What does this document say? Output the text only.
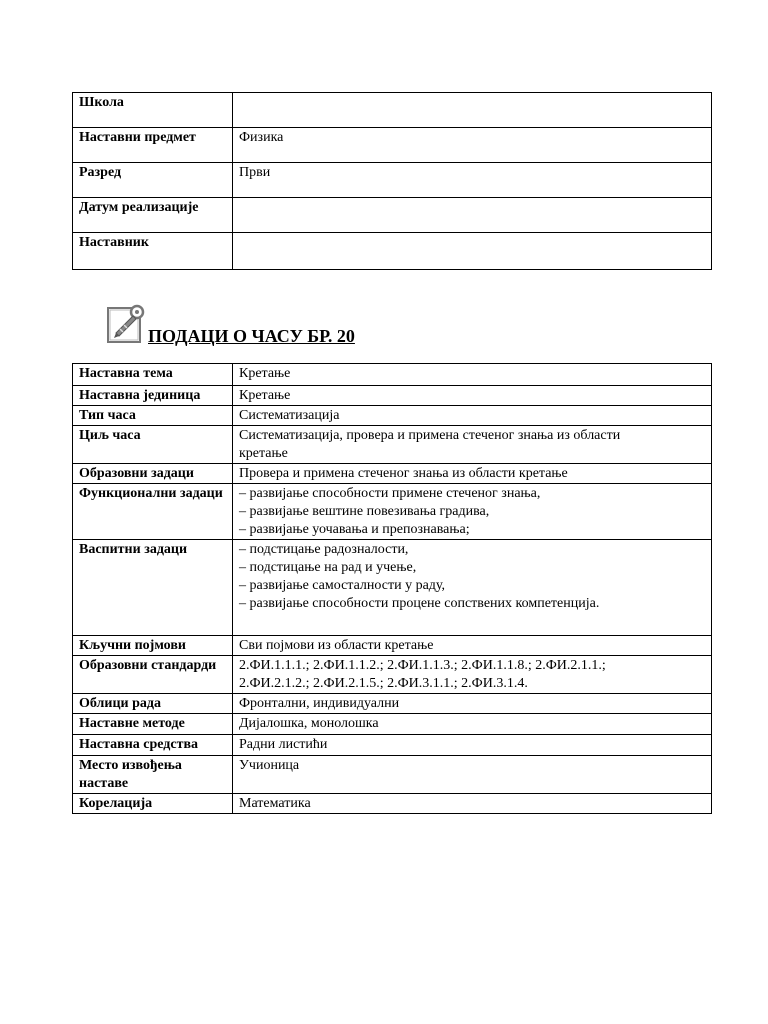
Школа	
Наставни предмет	Физика
Разред	Први
Датум реализације	
Наставник	
ПОДАЦИ О ЧАСУ БР. 20
Наставна тема	Кретање

Наставна јединица	Кретање

Тип часа	Систематизација

Циљ часа	Систематизација, провера и примена стеченог знања из области
кретање

Образовни задаци	Провера и примена стеченог знања из области кретање

Функционални задаци	– развијање способности примене стеченог знања,
– развијање вештине повезивања градива,
– развијање уочавања и препознавања;

Васпитни задаци	– подстицање радозналости,
– подстицање на рад и учење,
– развијање самосталности у раду,
– развијање способности процене сопствених компетенција.

Кључни појмови	Сви појмови из области кретање

Образовни стандарди	2.ФИ.1.1.1.; 2.ФИ.1.1.2.; 2.ФИ.1.1.3.; 2.ФИ.1.1.8.; 2.ФИ.2.1.1.;
2.ФИ.2.1.2.; 2.ФИ.2.1.5.; 2.ФИ.3.1.1.; 2.ФИ.3.1.4.

Облици рада	Фронтални, индивидуални

Наставне методе	Дијалошка, монолошка

Наставна средства	Радни листићи

Место извођења наставе	Учионица

Корелација	Математика
